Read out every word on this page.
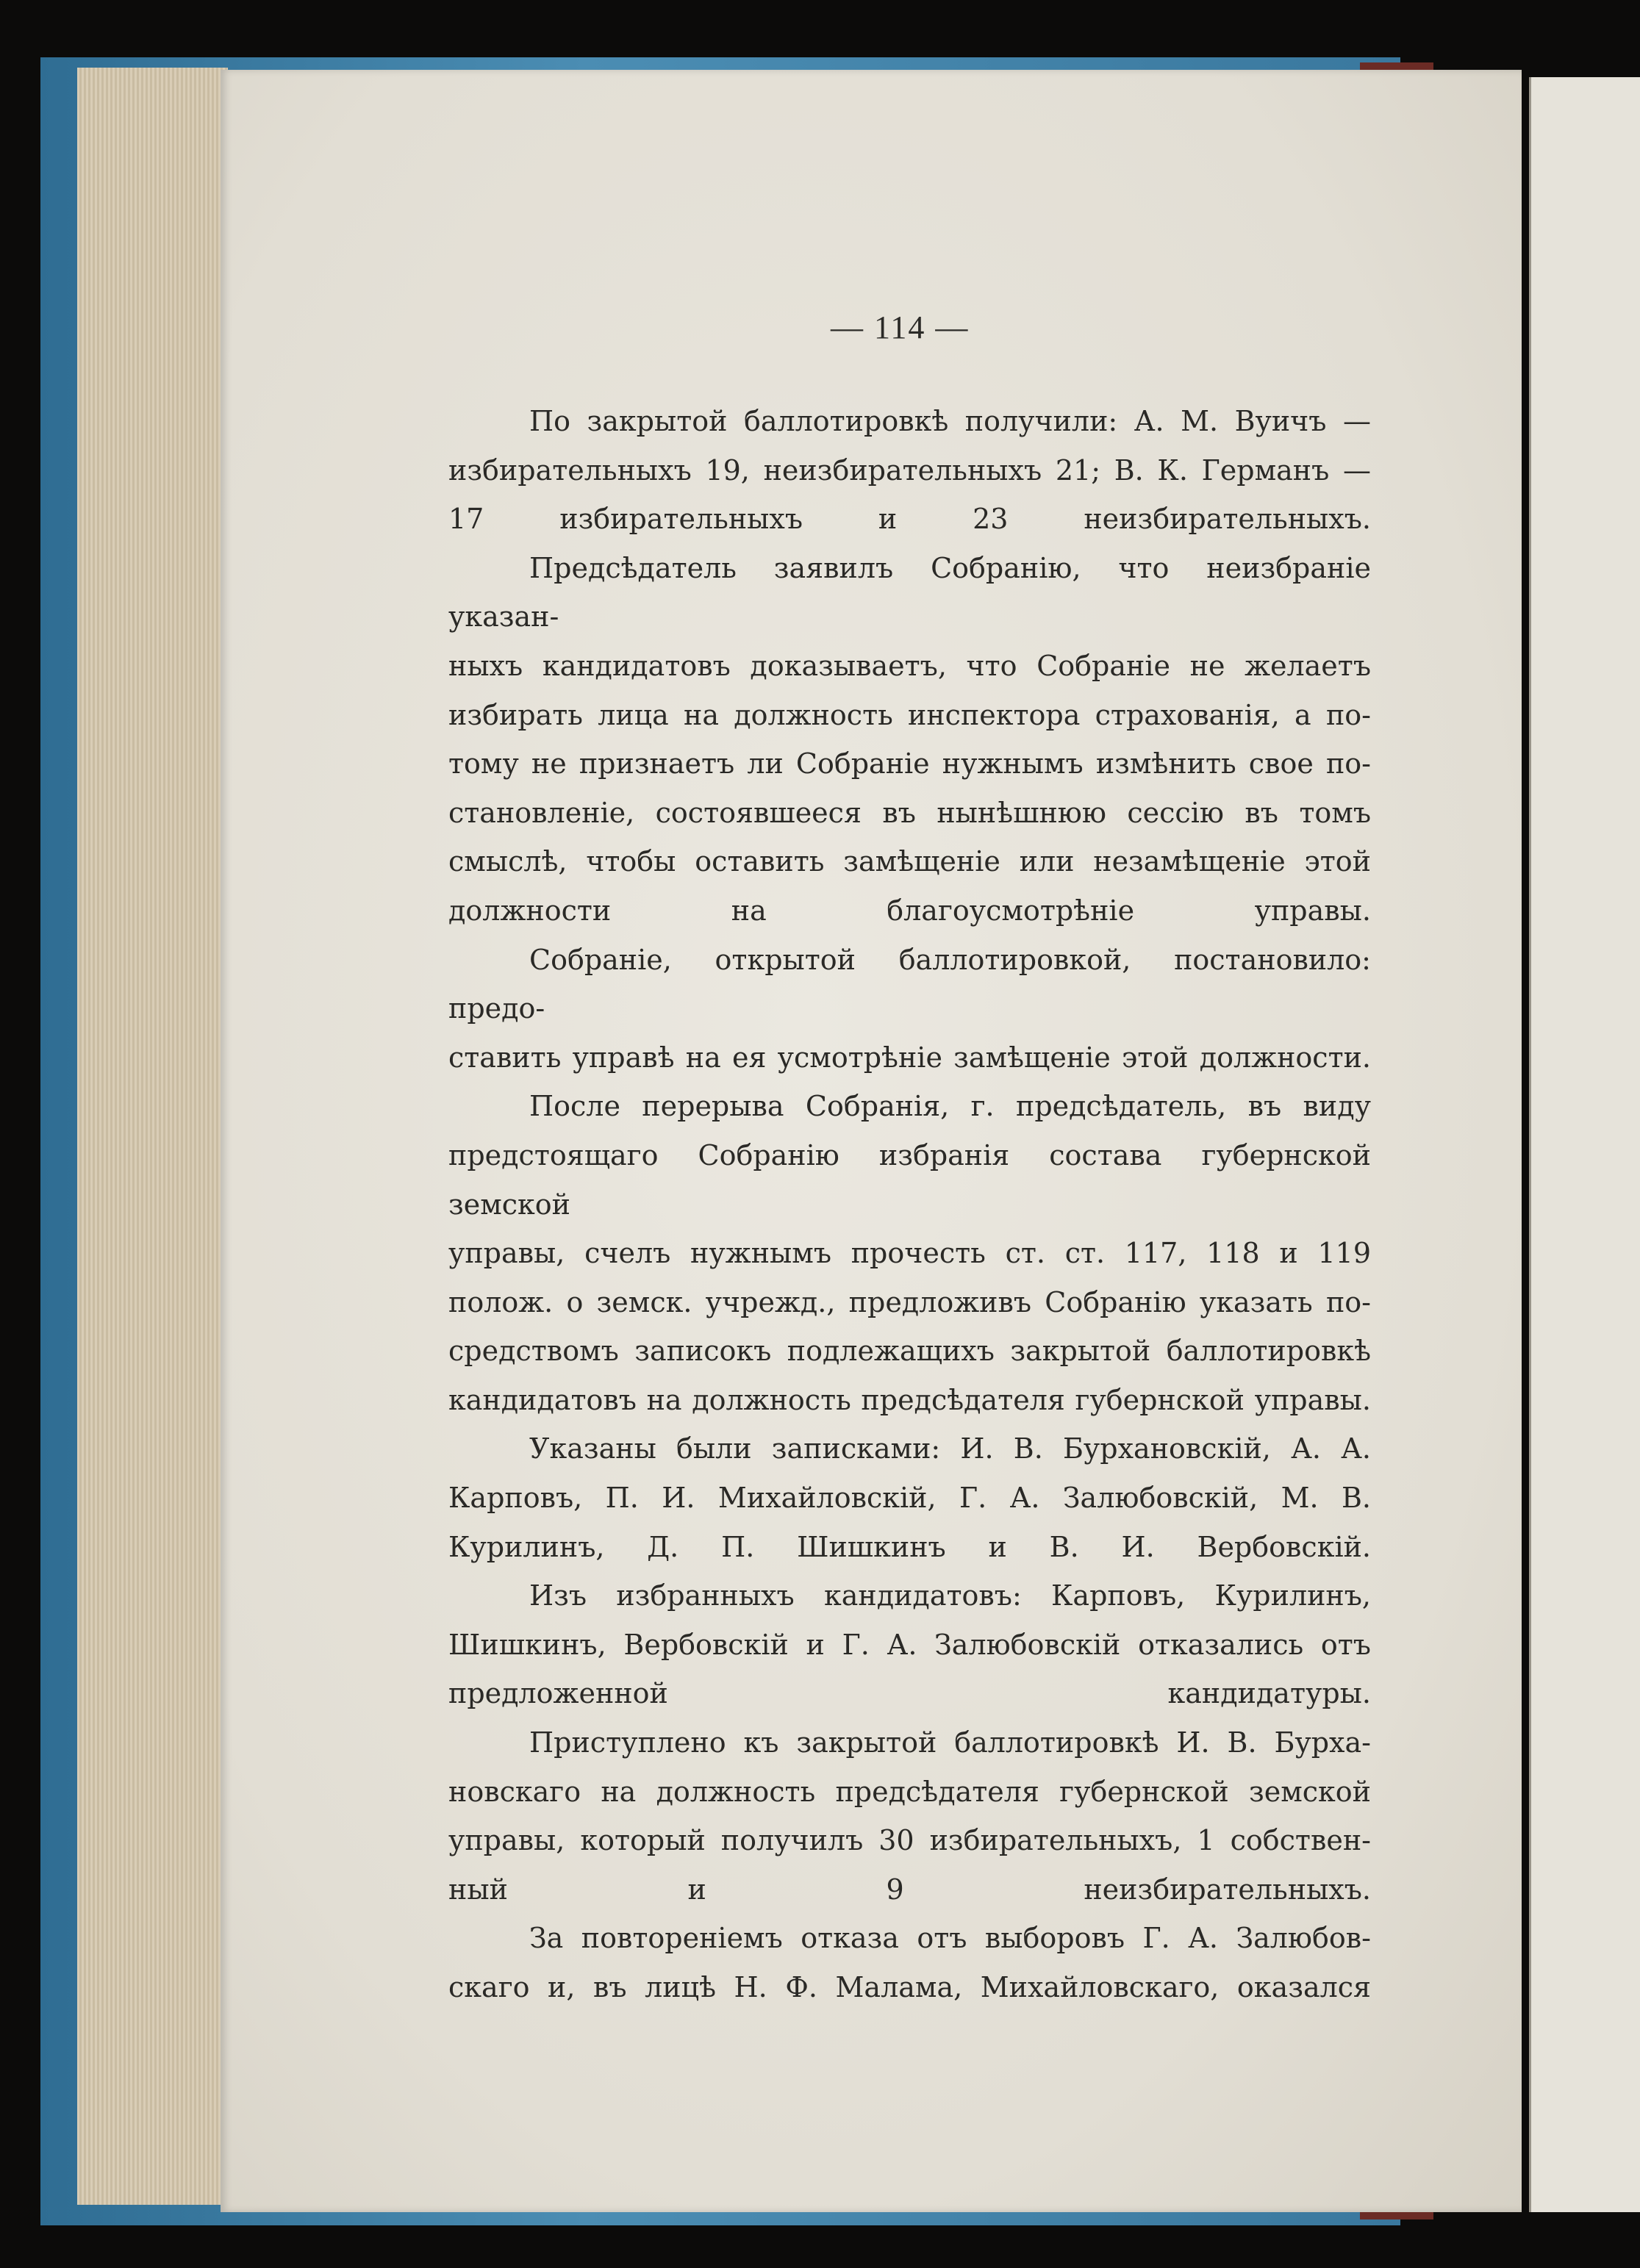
— 114 —

По закрытой баллотировкѣ получили: А. М. Вуичъ —
избирательныхъ 19, неизбирательныхъ 21; В. К. Германъ —
17 избирательныхъ и 23 неизбирательныхъ.

Предсѣдатель заявилъ Собранію, что неизбраніе указан-
ныхъ кандидатовъ доказываетъ, что Собраніе не желаетъ
избирать лица на должность инспектора страхованія, а по-
тому не признаетъ ли Собраніе нужнымъ измѣнить свое по-
становленіе, состоявшееся въ нынѣшнюю сессію въ томъ
смыслѣ, чтобы оставить замѣщеніе или незамѣщеніе этой
должности на благоусмотрѣніе управы.

Собраніе, открытой баллотировкой, постановило: предо-
ставить управѣ на ея усмотрѣніе замѣщеніе этой должности.

После перерыва Собранія, г. предсѣдатель, въ виду
предстоящаго Собранію избранія состава губернской земской
управы, счелъ нужнымъ прочесть ст. ст. 117, 118 и 119
полож. о земск. учрежд., предложивъ Собранію указать по-
средствомъ записокъ подлежащихъ закрытой баллотировкѣ
кандидатовъ на должность предсѣдателя губернской управы.

Указаны были записками: И. В. Бурхановскій, А. А.
Карповъ, П. И. Михайловскій, Г. А. Залюбовскій, М. В.
Курилинъ, Д. П. Шишкинъ и В. И. Вербовскій.

Изъ избранныхъ кандидатовъ: Карповъ, Курилинъ,
Шишкинъ, Вербовскій и Г. А. Залюбовскій отказались отъ
предложенной кандидатуры.

Приступлено къ закрытой баллотировкѣ И. В. Бурха-
новскаго на должность предсѣдателя губернской земской
управы, который получилъ 30 избирательныхъ, 1 собствен-
ный и 9 неизбирательныхъ.

За повтореніемъ отказа отъ выборовъ Г. А. Залюбов-
скаго и, въ лицѣ Н. Ф. Малама, Михайловскаго, оказался
